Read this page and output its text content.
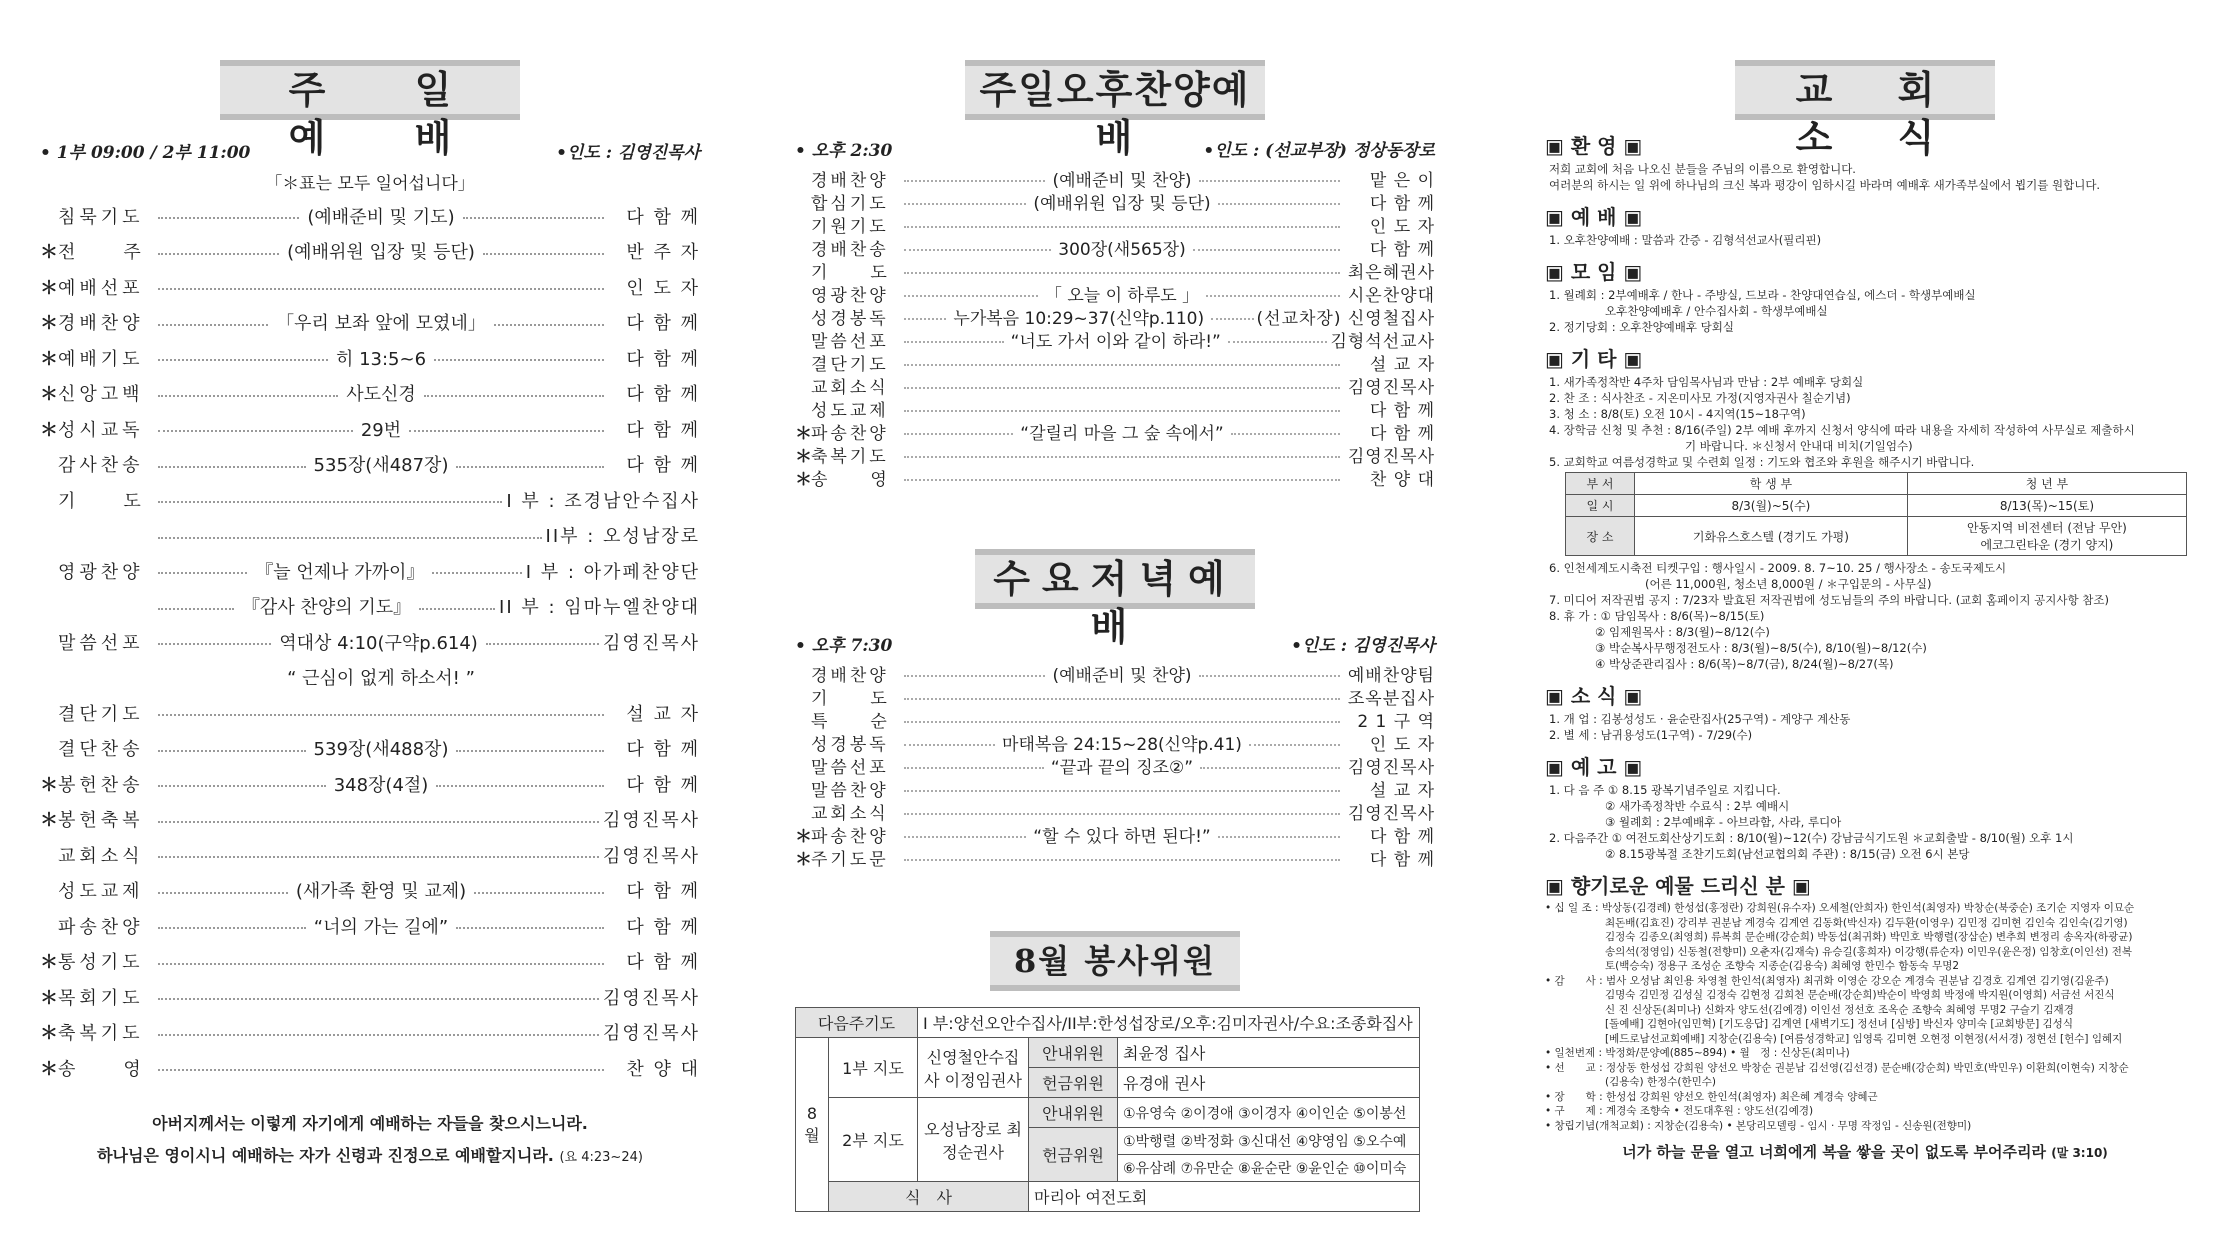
주 일 예 배
• 1부 09:00 / 2부 11:00	•인도 : 김영진목사
「＊표는 모두 일어섭니다」
침묵기도	(예배준비 및 기도)	다 함 께
＊ 전　　주	(예배위원 입장 및 등단)	반 주 자
＊ 예배선포	인 도 자
＊ 경배찬양	「우리 보좌 앞에 모였네」	다 함 께
＊ 예배기도	히 13:5~6	다 함 께
＊ 신앙고백	사도신경	다 함 께
＊ 성시교독	29번	다 함 께
감사찬송	535장(새487장)	다 함 께
기　　도	I 부 : 조경남안수집사
II부 : 오성남장로
영광찬양	『늘 언제나 가까이』	I 부 : 아가페찬양단
『감사 찬양의 기도』	II 부 : 임마누엘찬양대
말씀선포	역대상 4:10(구약p.614)	김영진목사
“ 근심이 없게 하소서! ”
결단기도	설 교 자
결단찬송	539장(새488장)	다 함 께
＊ 봉헌찬송	348장(4절)	다 함 께
＊ 봉헌축복	김영진목사
교회소식	김영진목사
성도교제	(새가족 환영 및 교제)	다 함 께
파송찬양	“너의 가는 길에”	다 함 께
＊ 통성기도	다 함 께
＊ 목회기도	김영진목사
＊ 축복기도	김영진목사
＊ 송　　영	찬 양 대
아버지께서는 이렇게 자기에게 예배하는 자들을 찾으시느니라.
하나님은 영이시니 예배하는 자가 신령과 진정으로 예배할지니라. (요 4:23~24)
주일오후찬양예배
• 오후 2:30	•인도 : (선교부장) 정상동장로
경배찬양	(예배준비 및 찬양)	맡 은 이
합심기도	(예배위원 입장 및 등단)	다 함 께
기원기도	인 도 자
경배찬송	300장(새565장)	다 함 께
기　　도	최은혜권사
영광찬양	「 오늘 이 하루도 」	시온찬양대
성경봉독	누가복음 10:29~37(신약p.110)	(선교차장) 신영철집사
말씀선포	“너도 가서 이와 같이 하라!”	김형석선교사
결단기도	설 교 자
교회소식	김영진목사
성도교제	다 함 께
＊ 파송찬양	“갈릴리 마을 그 숲 속에서”	다 함 께
＊ 축복기도	김영진목사
＊ 송　　영	찬 양 대
수요저녁예배
• 오후 7:30	•인도 : 김영진목사
경배찬양	(예배준비 및 찬양)	예배찬양팀
기　　도	조옥분집사
특　　순	2 1 구 역
성경봉독	마태복음 24:15~28(신약p.41)	인 도 자
말씀선포	“끝과 끝의 징조②”	김영진목사
말씀찬양	설 교 자
교회소식	김영진목사
＊ 파송찬양	“할 수 있다 하면 된다!”	다 함 께
＊ 주기도문	다 함 께
8월 봉사위원
다음주기도		I 부:양선오안수집사/II부:한성섭장로/오후:김미자권사/수요:조종화집사		
8월	1부 지도	신영철안수집사 이정임권사	안내위원	최윤정 집사
			헌금위원	유경애 권사
	2부 지도	오성남장로 최정순권사	안내위원	①유영숙 ②이경애 ③이경자 ④이인순 ⑤이봉선
			헌금위원	①박행렬 ②박정화 ③신대선 ④양영임 ⑤오수예
				⑥유삼례 ⑦유만순 ⑧윤순란 ⑨윤인순 ⑩이미숙
	식　사		마리아 여전도회	
교 회 소 식
▣ 환 영 ▣
저희 교회에 처음 나오신 분들을 주님의 이름으로 환영합니다.
여러분의 하시는 일 위에 하나님의 크신 복과 평강이 임하시길 바라며 예배후 새가족부실에서 뵙기를 원합니다.
▣ 예 배 ▣
1. 오후찬양예배 : 말씀과 간증 - 김형석선교사(필리핀)
▣ 모 임 ▣
1. 월례회 : 2부예배후 / 한나 - 주방실, 드보라 - 찬양대연습실, 에스더 - 학생부예배실
오후찬양예배후 / 안수집사회 - 학생부예배실
2. 정기당회 : 오후찬양예배후 당회실
▣ 기 타 ▣
1. 새가족정착반 4주차 담임목사님과 만남 : 2부 예배후 당회실
2. 찬 조 : 식사찬조 - 지온미사모 가정(지영자권사 칠순기념)
3. 청 소 : 8/8(토) 오전 10시 - 4지역(15~18구역)
4. 장학금 신청 및 추천 : 8/16(주일) 2부 예배 후까지 신청서 양식에 따라 내용을 자세히 작성하여 사무실로 제출하시
기 바랍니다. ＊신청서 안내대 비치(기일엄수)
5. 교회학교 여름성경학교 및 수련회 일정 : 기도와 협조와 후원을 해주시기 바랍니다.
부 서	학 생 부	청 년 부
일 시	8/3(월)~5(수)	8/13(목)~15(토)
장 소	기화유스호스텔 (경기도 가평)	안동지역 비전센터 (전남 무안)
에코그린타운 (경기 양지)
6. 인천세계도시축전 티켓구입 : 행사일시 - 2009. 8. 7~10. 25 / 행사장소 - 송도국제도시
(어른 11,000원, 청소년 8,000원 / ＊구입문의 - 사무실)
7. 미디어 저작권법 공지 : 7/23자 발효된 저작권법에 성도님들의 주의 바랍니다. (교회 홈페이지 공지사항 참조)
8. 휴 가 : ① 담임목사 : 8/6(목)~8/15(토)
② 임제원목사 : 8/3(월)~8/12(수)
③ 박순복사무행정전도사 : 8/3(월)~8/5(수), 8/10(월)~8/12(수)
④ 박상준관리집사 : 8/6(목)~8/7(금), 8/24(월)~8/27(목)
▣ 소 식 ▣
1. 개 업 : 김봉성성도 · 윤순란집사(25구역) - 계양구 계산동
2. 별 세 : 남귀용성도(1구역) - 7/29(수)
▣ 예 고 ▣
1. 다 음 주 ① 8.15 광복기념주일로 지킵니다.
② 새가족정착반 수료식 : 2부 예배시
③ 월례회 : 2부예배후 - 아브라함, 사라, 루디아
2. 다음주간 ① 여전도회산상기도회 : 8/10(월)~12(수) 강남금식기도원 ＊교회출발 - 8/10(월) 오후 1시
② 8.15광복절 조찬기도회(남선교협의회 주관) : 8/15(금) 오전 6시 본당
▣ 향기로운 예물 드리신 분 ▣
• 십 일 조 : 박상동(김경례) 한성섭(홍정란) 강희원(유수자) 오세철(안희자) 한인석(최영자) 박창순(북중순) 조기순 지영자 이묘순
최돈배(김효진) 강리부 권분남 계경숙 김계연 김동화(박신자) 김두환(이영우) 김민정 김미현 김인숙 김인숙(김기영)
김정숙 김종오(최영희) 류복희 문순배(강순희) 박동섭(최귀화) 박민호 박행렬(장삼순) 변추희 변정리 송옥자(하광균)
송의석(정영임) 신동철(전향미) 오춘자(김재숙) 유승길(홍희자) 이강행(류순자) 이민우(윤은정) 임창호(이인선) 전복
토(백승숙) 정용구 조성순 조향숙 지종순(김용숙) 최혜영 한민수 함동숙 무명2
• 감　　사 : 범사 오성남 최인용 차영철 한인석(최영자) 최귀화 이영순 강오순 계경숙 권분남 김경호 김계연 김기영(김윤주)
김명숙 김민정 김성실 김정숙 김현정 김희천 문순배(강순희)박순이 박영희 박정애 박지원(이영희) 서금선 서진식
신 진 신상돈(최미나) 신화자 양도선(김예경) 이인선 정선호 조옥순 조향숙 최혜영 무명2 구슬기 김재경
[돌예배] 김현아(임민혁) [기도응답] 김계연 [새벽기도] 정선녀 [심방] 박신자 양미숙 [교회방문] 김성식
[베드로남선교회예배] 지창순(김용숙) [여름성경학교] 임영록 김미현 오현정 이현정(서서경) 정현선 [헌수] 임혜지
• 일천번제 : 박정화/문양예(885~894) • 월　정 : 신상돈(최미나)
• 선　　교 : 정상동 한성섭 강희원 양선오 박창순 권분남 김선영(김선경) 문순배(강순희) 박민호(박민우) 이환희(이현숙) 지창순
(김용숙) 한정수(한민수)
• 장　　학 : 한성섭 강희원 양선오 한인석(최영자) 최은혜 계경숙 양혜근
• 구　　제 : 계경숙 조향숙 • 전도대후원 : 양도선(김예경)
• 창립기념(개척교회) : 지창순(김용숙) • 본당리모델링 - 임시 · 무명 작정임 - 신송원(전향미)
너가 하늘 문을 열고 너희에게 복을 쌓을 곳이 없도록 부어주리라 (말 3:10)
